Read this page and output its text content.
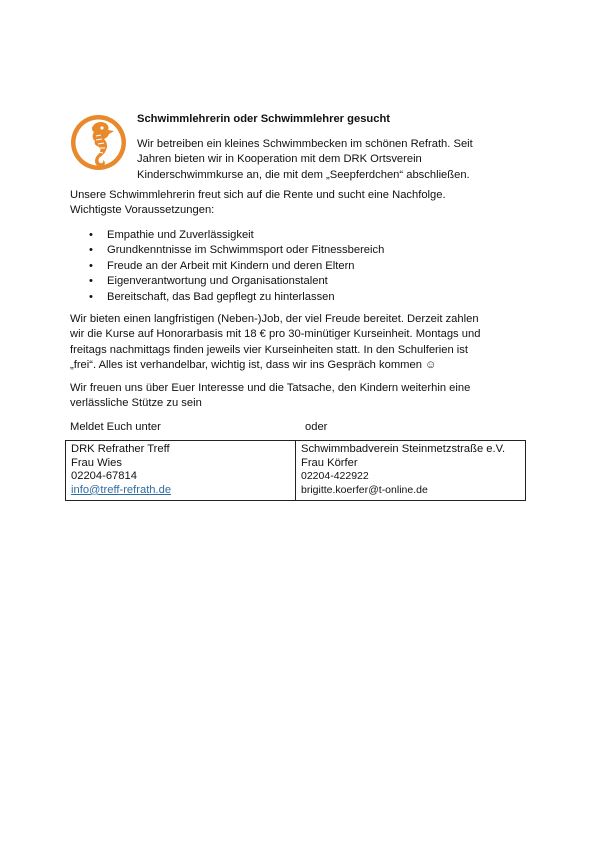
Schwimmlehrerin oder Schwimmlehrer gesucht
Wir betreiben ein kleines Schwimmbecken im schönen Refrath. Seit
Jahren bieten wir in Kooperation mit dem DRK Ortsverein
Kinderschwimmkurse an, die mit dem „Seepferdchen“ abschließen.
Unsere Schwimmlehrerin freut sich auf die Rente und sucht eine Nachfolge.
Wichtigste Voraussetzungen:
• Empathie und Zuverlässigkeit
• Grundkenntnisse im Schwimmsport oder Fitnessbereich
• Freude an der Arbeit mit Kindern und deren Eltern
• Eigenverantwortung und Organisationstalent
• Bereitschaft, das Bad gepflegt zu hinterlassen
Wir bieten einen langfristigen (Neben-)Job, der viel Freude bereitet. Derzeit zahlen
wir die Kurse auf Honorarbasis mit 18 € pro 30-minütiger Kurseinheit. Montags und
freitags nachmittags finden jeweils vier Kurseinheiten statt. In den Schulferien ist
„frei“. Alles ist verhandelbar, wichtig ist, dass wir ins Gespräch kommen ☺
Wir freuen uns über Euer Interesse und die Tatsache, den Kindern weiterhin eine
verlässliche Stütze zu sein
Meldet Euch unter	oder
DRK Refrather Treff
Frau Wies
02204-67814
info@treff-refrath.de

Schwimmbadverein Steinmetzstraße e.V.
Frau Körfer
02204-422922
brigitte.koerfer@t-online.de
